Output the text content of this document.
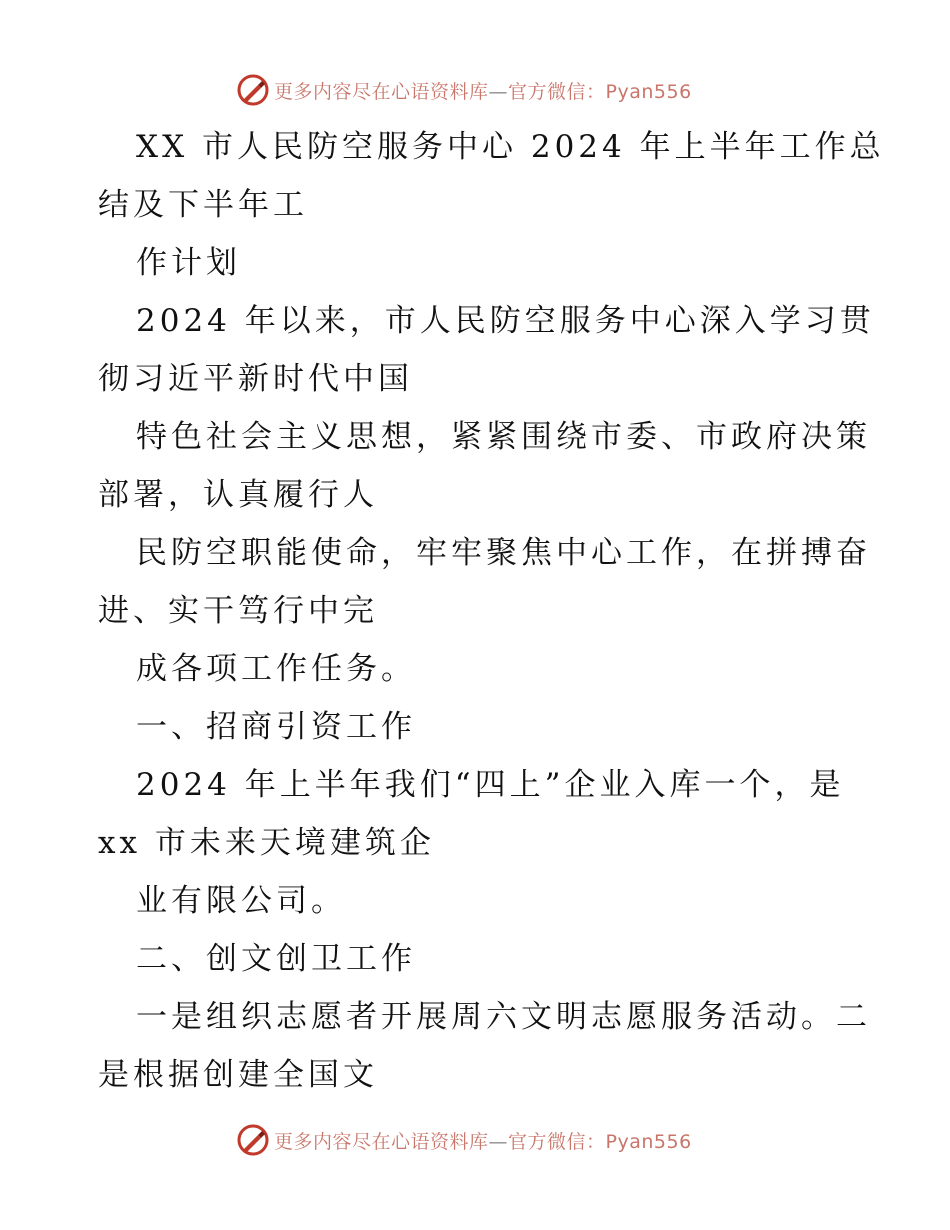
更多内容尽在心语资料库—官方微信：Pyan556

XX 市人民防空服务中心 2024 年上半年工作总

结及下半年工

作计划

2024 年以来，市人民防空服务中心深入学习贯

彻习近平新时代中国

特色社会主义思想，紧紧围绕市委、市政府决策

部署，认真履行人

民防空职能使命，牢牢聚焦中心工作，在拼搏奋

进、实干笃行中完

成各项工作任务。

一、招商引资工作

2024 年上半年我们“四上”企业入库一个，是

xx 市未来天境建筑企

业有限公司。

二、创文创卫工作

一是组织志愿者开展周六文明志愿服务活动。二

是根据创建全国文

更多内容尽在心语资料库—官方微信：Pyan556
